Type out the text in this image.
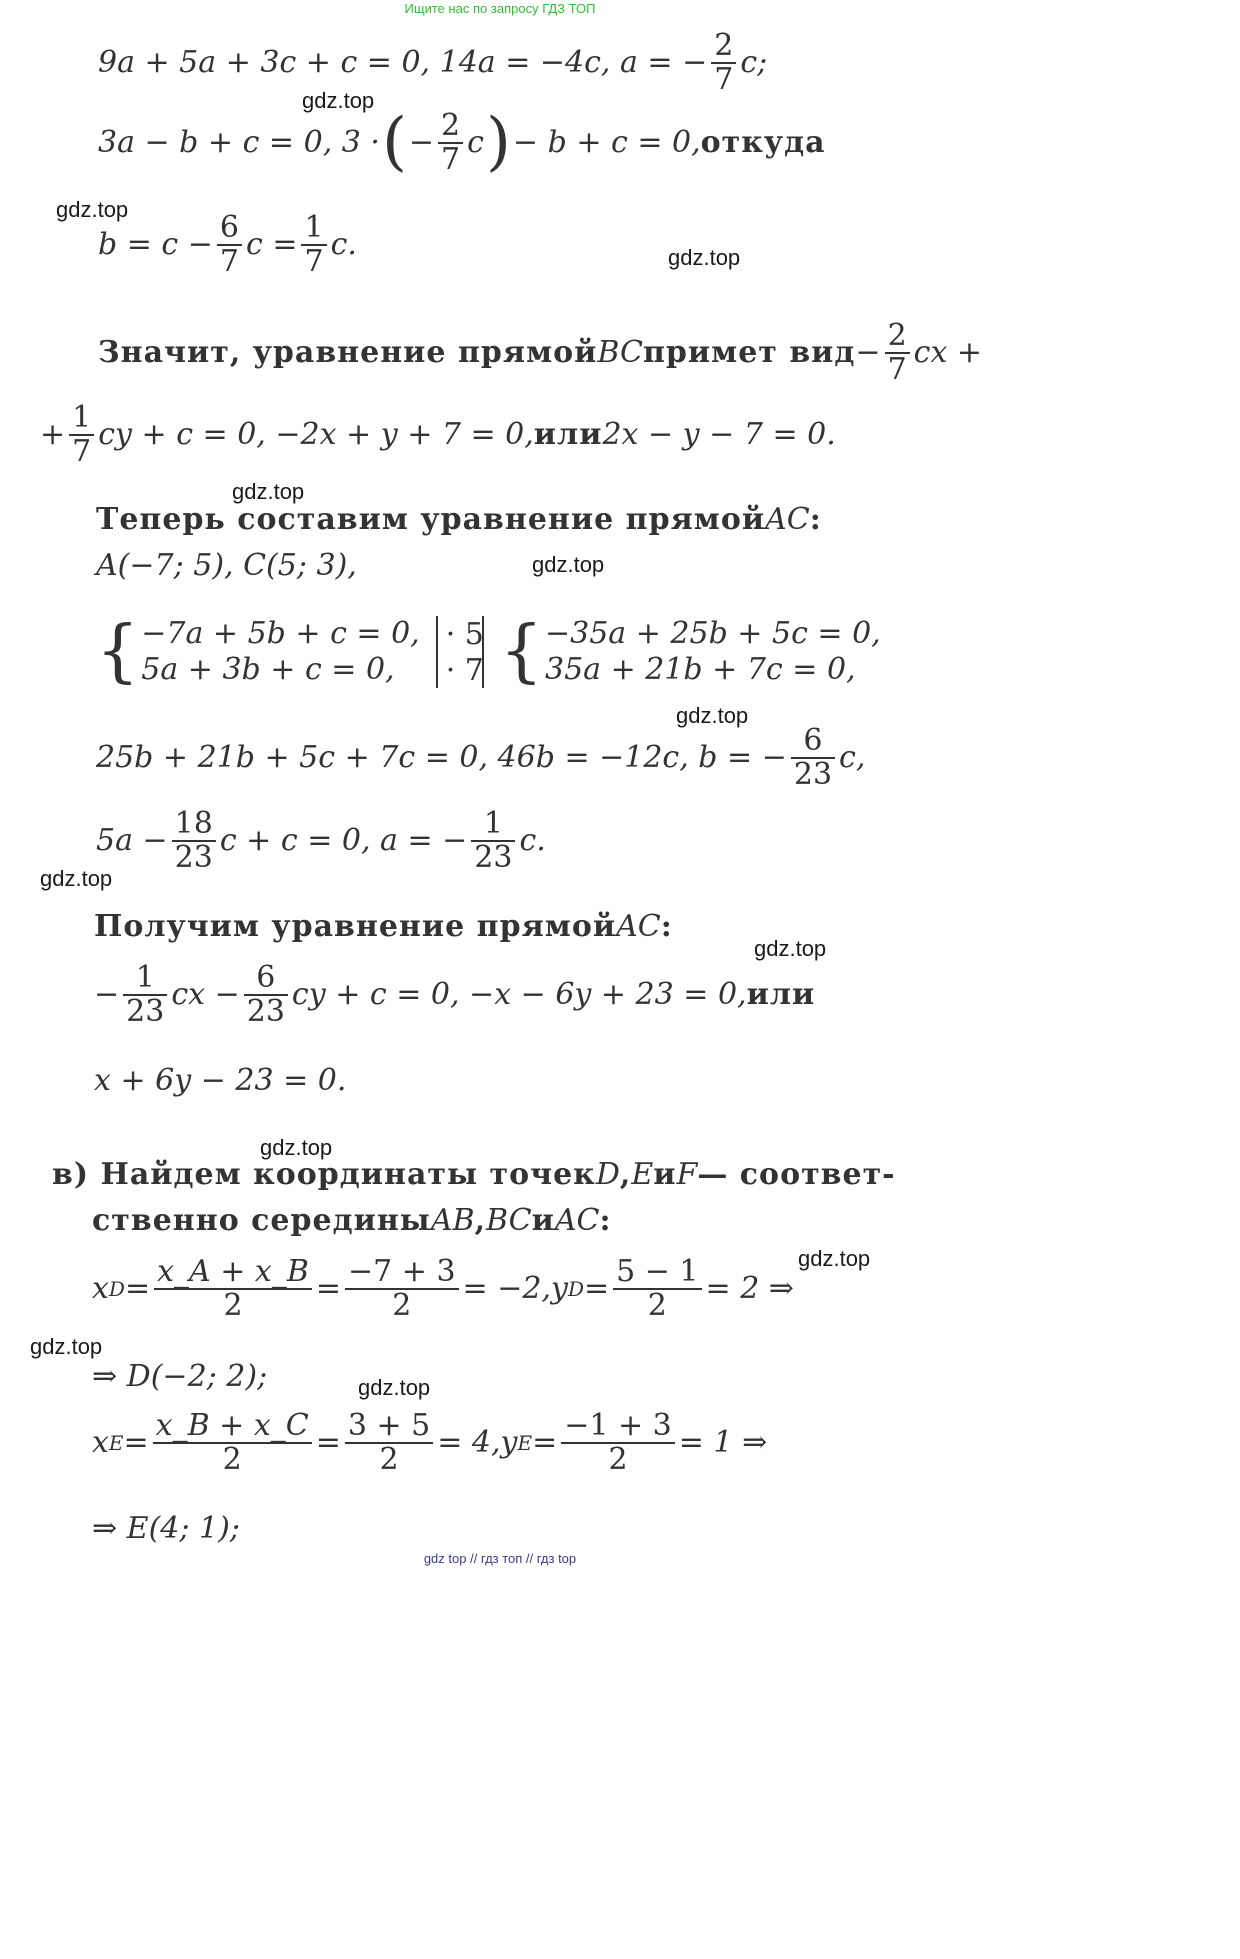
Ищите нас по запросу ГДЗ ТОП
gdz.top
gdz.top
gdz.top
gdz.top
gdz.top
gdz.top
gdz.top
gdz.top
gdz.top
gdz.top
gdz.top
gdz.top
9a + 5a + 3c + c = 0, 14a = −4c, a = − $\frac{2}{7} c$;
3a − b + c = 0, 3 · ( − $\frac{2}{7}$ c ) − b + c = 0, откуда
$b = c - \frac{6}{7}$ $c = \frac{1}{7} c$.
Значит, уравнение прямой BC примет вид − $\frac{2}{7}$ cx +
+ $\frac{1}{7}$ cy + c = 0, −2x + y + 7 = 0, или 2x − y − 7 = 0.
Теперь составим уравнение прямой AC :
A(−7; 5), C(5; 3),
{ −7a + 5b + c = 0,
5a + 3b + c = 0,
· 5
· 7 { −35a + 25b + 5c = 0,
35a + 21b + 7c = 0,
25b + 21b + 5c + 7c = 0, 46b = −12c, b = − $\frac{6}{23} c$,
$5a - \frac{18}{23}$ c + c = 0, a = − $\frac{1}{23} c$.
Получим уравнение прямой AC :
− $\frac{1}{23}$ cx − $\frac{6}{23}$ cy + c = 0, −x − 6y + 23 = 0, или
x + 6y − 23 = 0.
в) Найдем координаты точек D , E и F — соответ-
ственно середины AB , BC и AC :
x $D = \frac{x\_A + x\_B}{2} = \frac{-7 + 3}{2} = -2$, y $D = \frac{5 - 1}{2} = 2$ ⇒
⇒ D(−2; 2);
x $E = \frac{x\_B + x\_C}{2} = \frac{3 + 5}{2} = 4$, y $E = \frac{-1 + 3}{2} = 1$ ⇒
⇒ E(4; 1);
gdz top // гдз топ // гдз top
